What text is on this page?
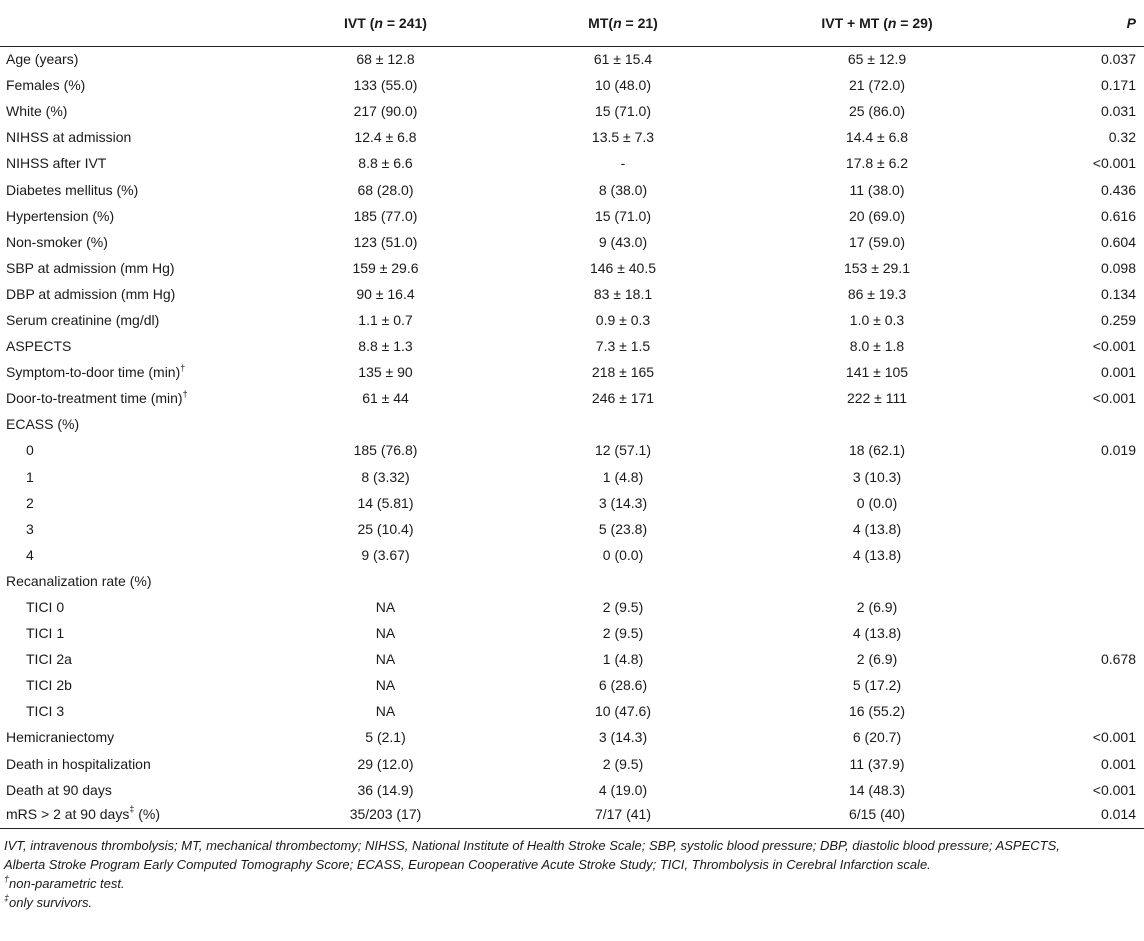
	IVT (n = 241)	MT(n = 21)	IVT + MT (n = 29)	P
Age (years)	68 ± 12.8	61 ± 15.4	65 ± 12.9	0.037
Females (%)	133 (55.0)	10 (48.0)	21 (72.0)	0.171
White (%)	217 (90.0)	15 (71.0)	25 (86.0)	0.031
NIHSS at admission	12.4 ± 6.8	13.5 ± 7.3	14.4 ± 6.8	0.32
NIHSS after IVT	8.8 ± 6.6	-	17.8 ± 6.2	<0.001
Diabetes mellitus (%)	68 (28.0)	8 (38.0)	11 (38.0)	0.436
Hypertension (%)	185 (77.0)	15 (71.0)	20 (69.0)	0.616
Non-smoker (%)	123 (51.0)	9 (43.0)	17 (59.0)	0.604
SBP at admission (mm Hg)	159 ± 29.6	146 ± 40.5	153 ± 29.1	0.098
DBP at admission (mm Hg)	90 ± 16.4	83 ± 18.1	86 ± 19.3	0.134
Serum creatinine (mg/dl)	1.1 ± 0.7	0.9 ± 0.3	1.0 ± 0.3	0.259
ASPECTS	8.8 ± 1.3	7.3 ± 1.5	8.0 ± 1.8	<0.001
Symptom-to-door time (min)†	135 ± 90	218 ± 165	141 ± 105	0.001
Door-to-treatment time (min)†	61 ± 44	246 ± 171	222 ± 111	<0.001
ECASS (%)				
0	185 (76.8)	12 (57.1)	18 (62.1)	0.019
1	8 (3.32)	1 (4.8)	3 (10.3)	
2	14 (5.81)	3 (14.3)	0 (0.0)	
3	25 (10.4)	5 (23.8)	4 (13.8)	
4	9 (3.67)	0 (0.0)	4 (13.8)	
Recanalization rate (%)				
TICI 0	NA	2 (9.5)	2 (6.9)	
TICI 1	NA	2 (9.5)	4 (13.8)	
TICI 2a	NA	1 (4.8)	2 (6.9)	0.678
TICI 2b	NA	6 (28.6)	5 (17.2)	
TICI 3	NA	10 (47.6)	16 (55.2)	
Hemicraniectomy	5 (2.1)	3 (14.3)	6 (20.7)	<0.001
Death in hospitalization	29 (12.0)	2 (9.5)	11 (37.9)	0.001
Death at 90 days	36 (14.9)	4 (19.0)	14 (48.3)	<0.001
mRS > 2 at 90 days‡ (%)	35/203 (17)	7/17 (41)	6/15 (40)	0.014
IVT, intravenous thrombolysis; MT, mechanical thrombectomy; NIHSS, National Institute of Health Stroke Scale; SBP, systolic blood pressure; DBP, diastolic blood pressure; ASPECTS,
Alberta Stroke Program Early Computed Tomography Score; ECASS, European Cooperative Acute Stroke Study; TICI, Thrombolysis in Cerebral Infarction scale.
†non-parametric test.
‡only survivors.
